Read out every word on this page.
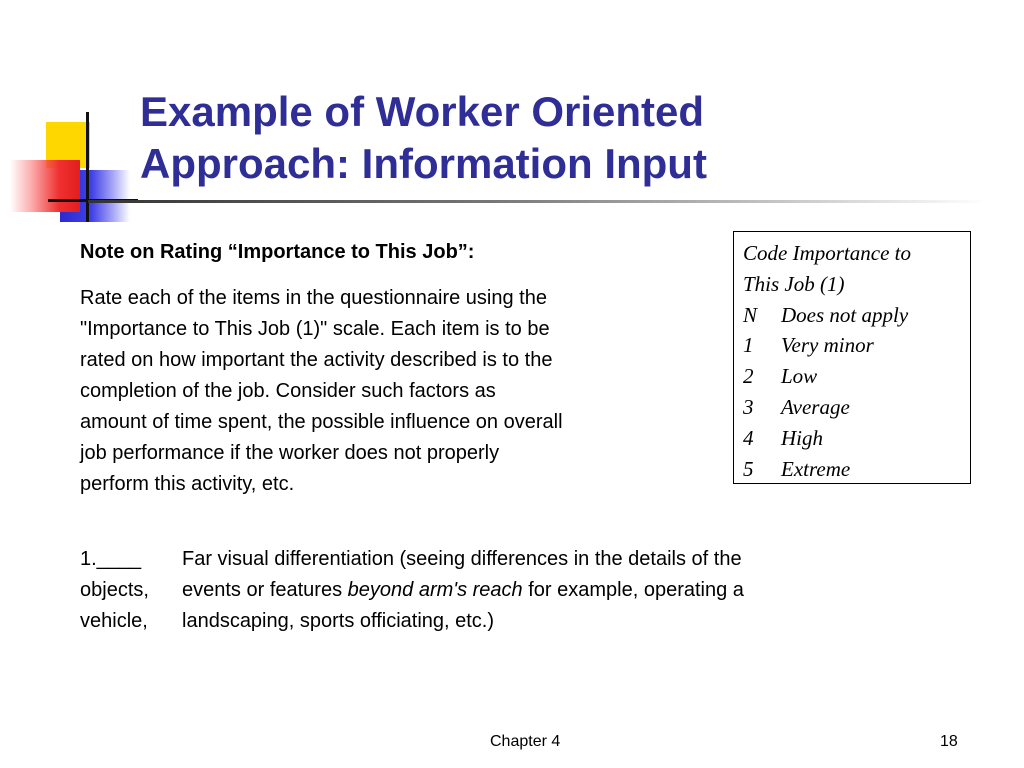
Example of Worker Oriented
Approach: Information Input

Note on Rating “Importance to This Job”:

Rate each of the items in the questionnaire using the
"Importance to This Job (1)" scale. Each item is to be
rated on how important the activity described is to the
completion of the job. Consider such factors as
amount of time spent, the possible influence on overall
job performance if the worker does not properly
perform this activity, etc.

Code Importance to
This Job (1)
N Does not apply
1 Very minor
2 Low
3 Average
4 High
5 Extreme
1.____	Far visual differentiation (seeing differences in the details of the
objects,	events or features beyond arm's reach for example, operating a
vehicle,	landscaping, sports officiating, etc.)
Chapter 4	18
